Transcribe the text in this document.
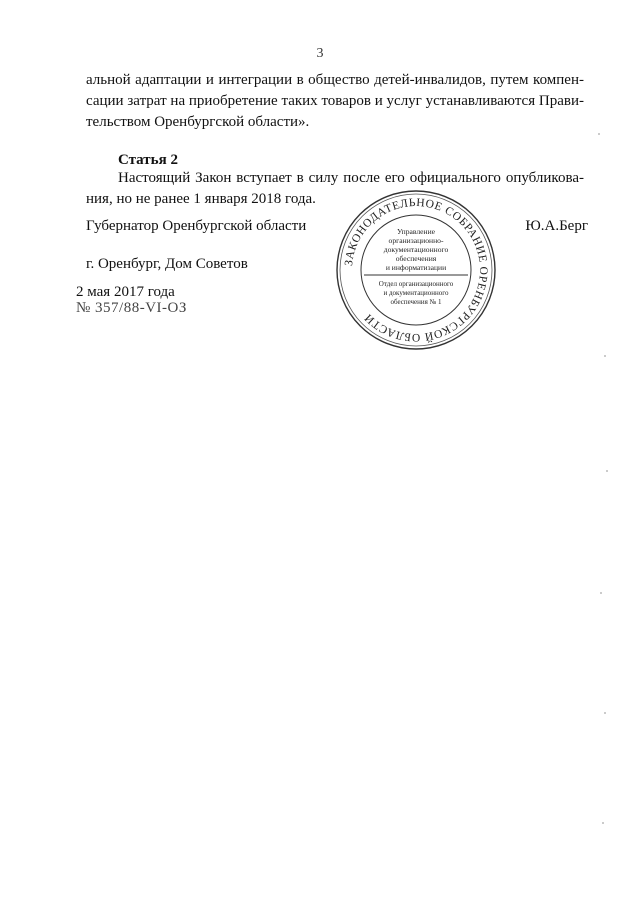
3
альной адаптации и интеграции в общество детей-инвалидов, путем компен-
сации затрат на приобретение таких товаров и услуг устанавливаются Прави-
тельством Оренбургской области».
Статья 2
Настоящий Закон вступает в силу после его официального опубликова-
ния, но не ранее 1 января 2018 года.
Губернатор Оренбургской области	Ю.А.Берг
г. Оренбург, Дом Советов
2 мая 2017 года
№ 357/88-VI-ОЗ
ЗАКОНОДАТЕЛЬНОЕ СОБРАНИЕ ОРЕНБУРГСКОЙ ОБЛАСТИ
Управление
организационно-
документационного
обеспечения
и информатизации
Отдел организационного
и документационного
обеспечения № 1
